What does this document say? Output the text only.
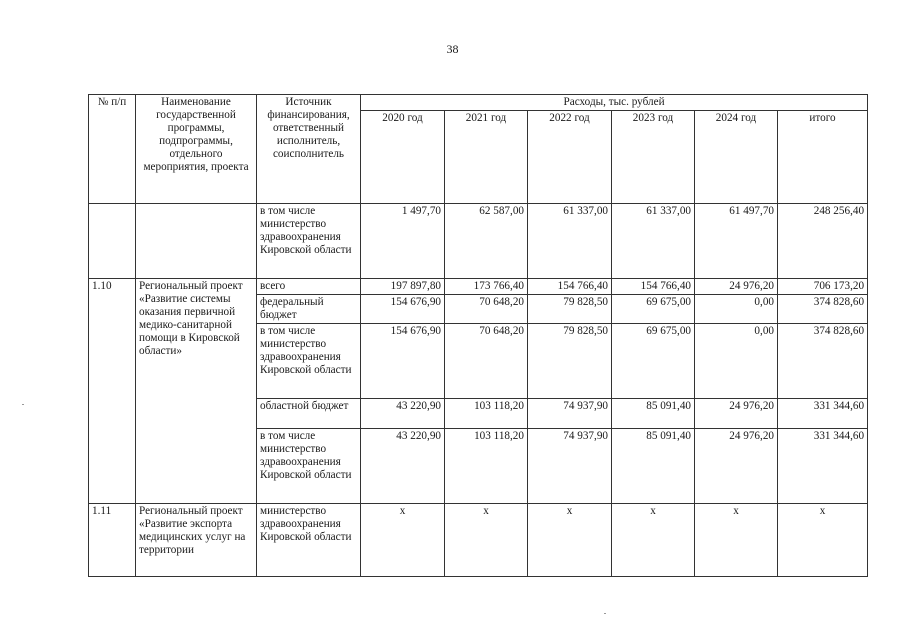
38
№ п/п	Наименование государственной программы, подпрограммы, отдельного мероприятия, проекта	Источник финансирования, ответственный исполнитель, соисполнитель	Расходы, тыс. рублей					
			2020 год	2021 год	2022 год	2023 год	2024 год	итого
		в том числе министерство здравоохранения Кировской области	1 497,70	62 587,00	61 337,00	61 337,00	61 497,70	248 256,40
1.10	Региональный проект «Развитие системы оказания первичной медико-санитарной помощи в Кировской области»	всего	197 897,80	173 766,40	154 766,40	154 766,40	24 976,20	706 173,20
		федеральный бюджет	154 676,90	70 648,20	79 828,50	69 675,00	0,00	374 828,60
		в том числе министерство здравоохранения Кировской области	154 676,90	70 648,20	79 828,50	69 675,00	0,00	374 828,60
		областной бюджет	43 220,90	103 118,20	74 937,90	85 091,40	24 976,20	331 344,60
		в том числе министерство здравоохранения Кировской области	43 220,90	103 118,20	74 937,90	85 091,40	24 976,20	331 344,60
1.11	Региональный проект «Развитие экспорта медицинских услуг на территории	министерство здравоохранения Кировской области	х	х	х	х	х	х
